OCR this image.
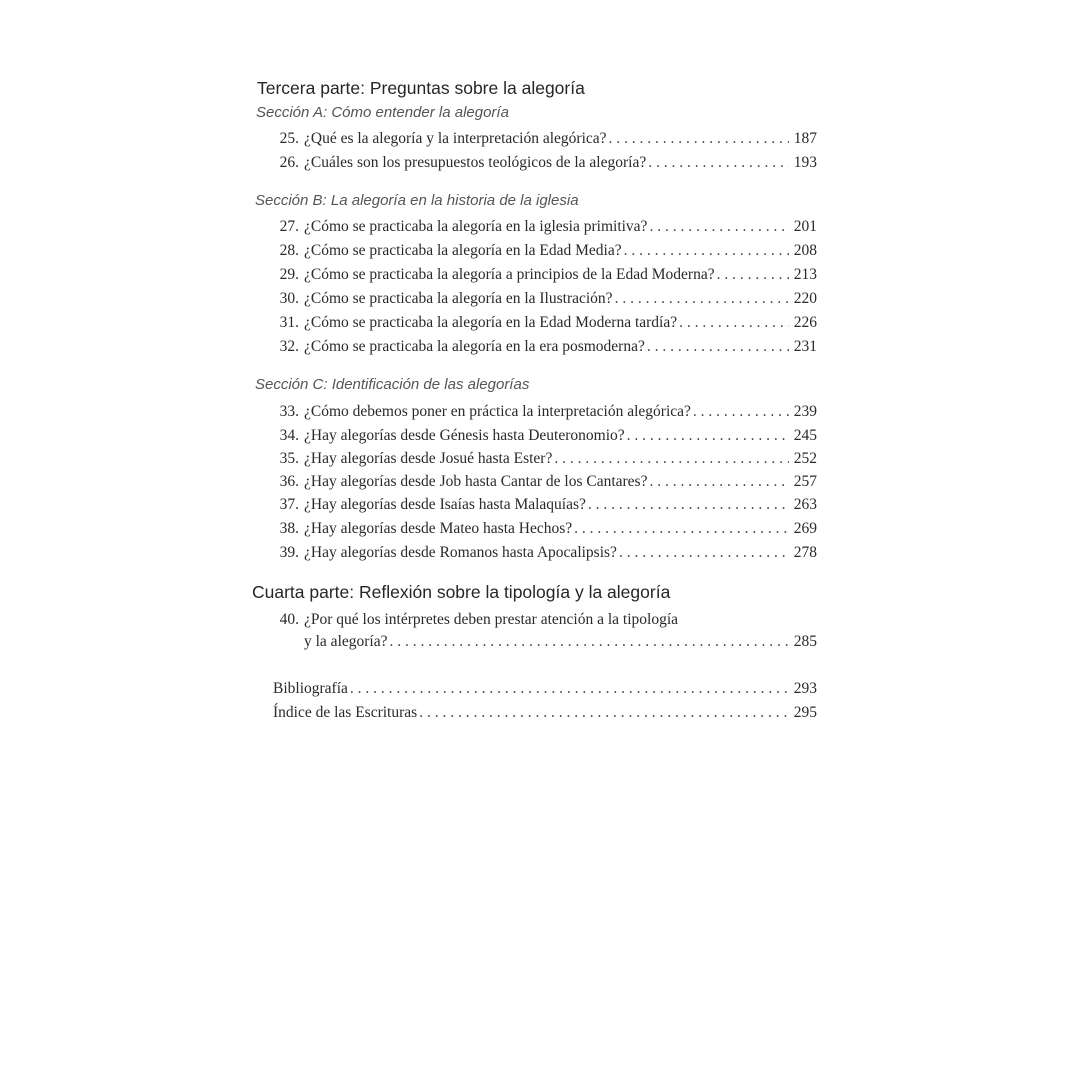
Tercera parte: Preguntas sobre la alegoría
Sección A: Cómo entender la alegoría
25. ¿Qué es la alegoría y la interpretación alegórica? . . .	187
26. ¿Cuáles son los presupuestos teológicos de la alegoría? . . .	193
Sección B: La alegoría en la historia de la iglesia
27. ¿Cómo se practicaba la alegoría en la iglesia primitiva? . . .	201
28. ¿Cómo se practicaba la alegoría en la Edad Media? . . .	208
29. ¿Cómo se practicaba la alegoría a principios de la Edad Moderna? . . .	213
30. ¿Cómo se practicaba la alegoría en la Ilustración? . . .	220
31. ¿Cómo se practicaba la alegoría en la Edad Moderna tardía? . . .	226
32. ¿Cómo se practicaba la alegoría en la era posmoderna? . . .	231
Sección C: Identificación de las alegorías
33. ¿Cómo debemos poner en práctica la interpretación alegórica? . . .	239
34. ¿Hay alegorías desde Génesis hasta Deuteronomio? . . .	245
35. ¿Hay alegorías desde Josué hasta Ester? . . .	252
36. ¿Hay alegorías desde Job hasta Cantar de los Cantares? . . .	257
37. ¿Hay alegorías desde Isaías hasta Malaquías? . . .	263
38. ¿Hay alegorías desde Mateo hasta Hechos? . . .	269
39. ¿Hay alegorías desde Romanos hasta Apocalipsis? . . .	278
Cuarta parte: Reflexión sobre la tipología y la alegoría
40. ¿Por qué los intérpretes deben prestar atención a la tipología
y la alegoría? . . .	285
Bibliografía . . .	293
Índice de las Escrituras . . .	295
